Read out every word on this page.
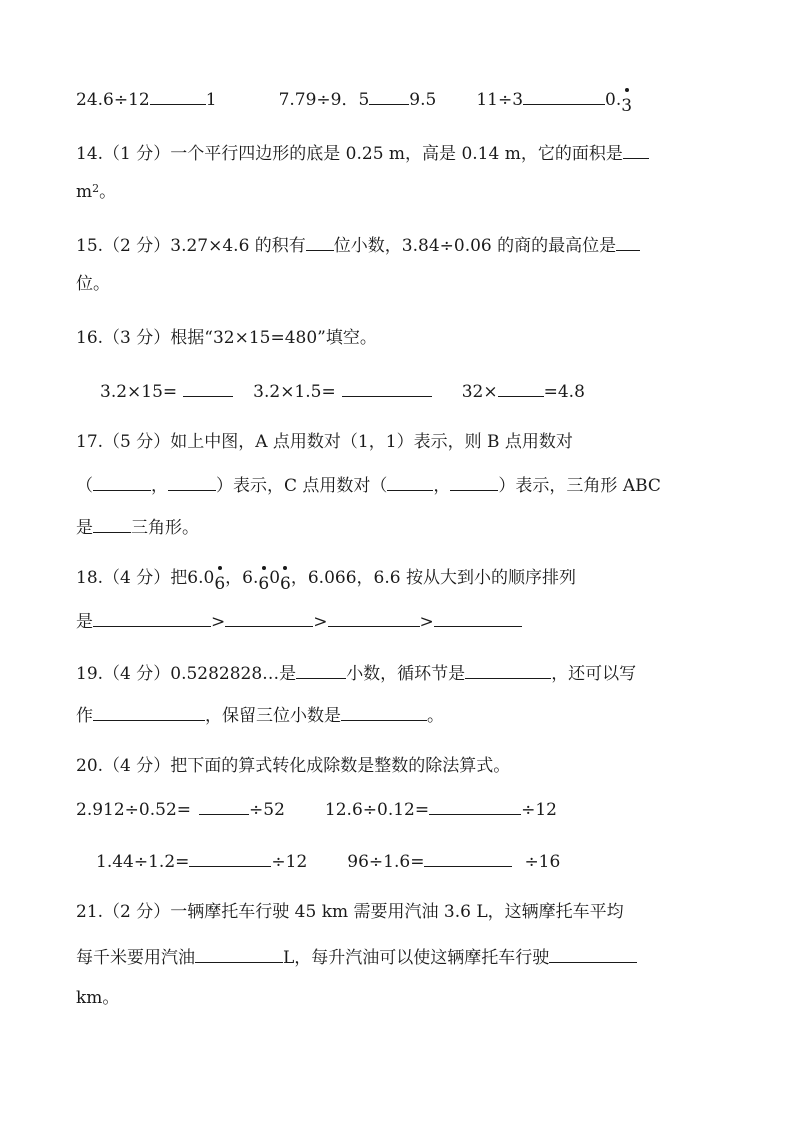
24.6÷12	1	7.79÷9．5 9.5 11÷3	0.
3
14.（1 分）一个平行四边形的底是 0.25 m，高是 0.14 m，它的面积是
$m^2$。
15.（2 分）3.27×4.6 的积有 位小数，3.84÷0.06 的商的最高位是
位。
16.（3 分）根据“32×15=480”填空。
3.2×15=	3.2×1.5=	32×	=4.8
17.（5 分）如上中图，A 点用数对（1，1）表示，则 B 点用数对
（	，	）表示，C 点用数对（	，	）表示，三角形 ABC
是 三角形。
18.（4 分）把6.0
6，6.
60
6，6.066，6.6 按从大到小的顺序排列
是	>	>	>
19.（4 分）0.5282828…是	小数，循环节是	，还可以写
作	，保留三位小数是	。
20.（4 分）把下面的算式转化成除数是整数的除法算式。
2.912÷0.52=	÷52 12.6÷0.12=	÷12
1.44÷1.2=	÷12 96÷1.6=	÷16
21.（2 分）一辆摩托车行驶 45 km 需要用汽油 3.6 L，这辆摩托车平均
每千米要用汽油	L，每升汽油可以使这辆摩托车行驶
km。
